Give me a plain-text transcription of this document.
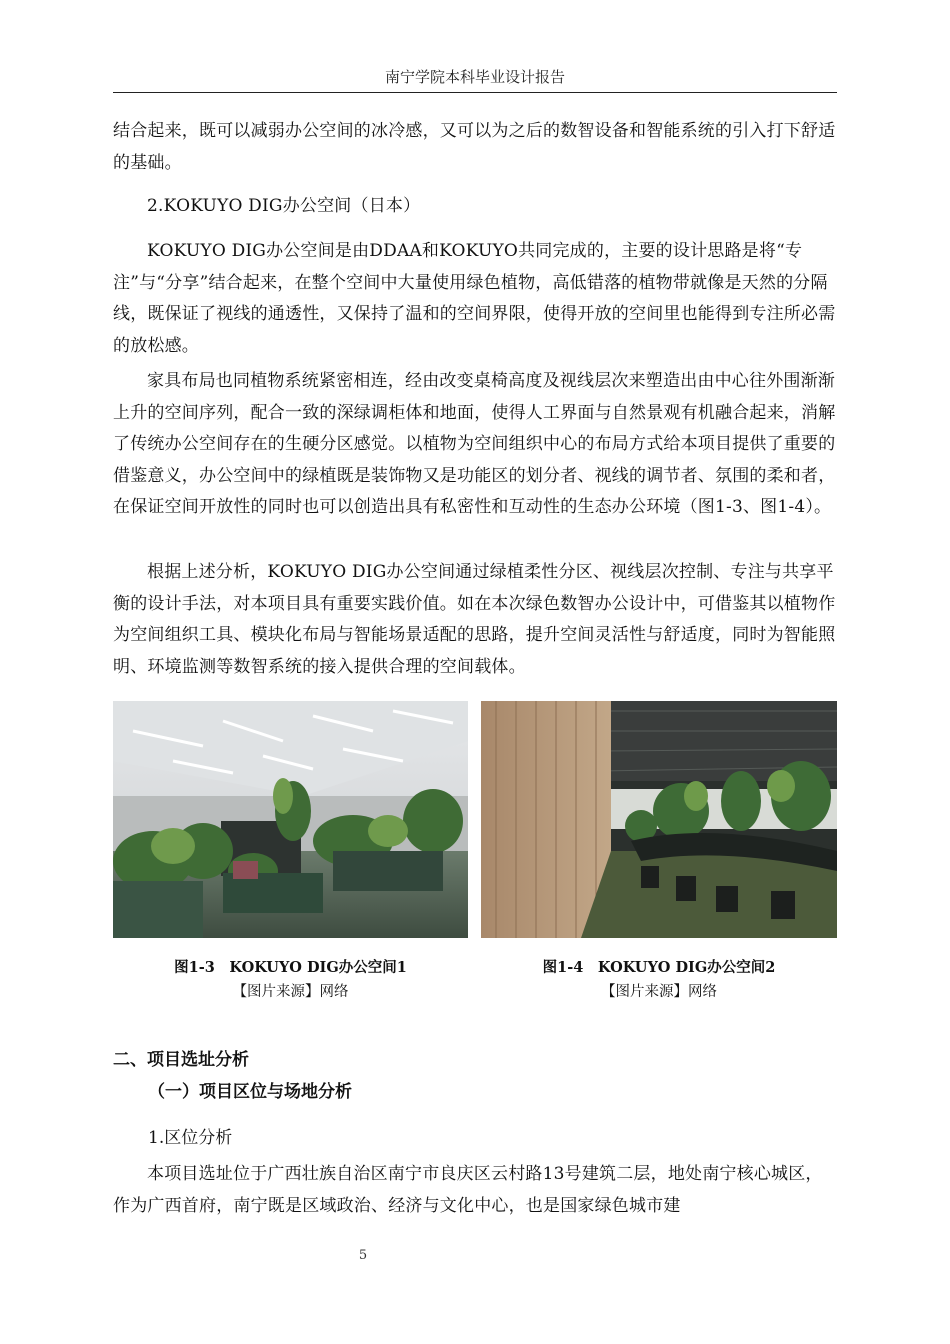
南宁学院本科毕业设计报告

结合起来，既可以减弱办公空间的冰冷感，又可以为之后的数智设备和智能系统的引入打下舒适的基础。

2.KOKUYO DIG办公空间（日本）

KOKUYO DIG办公空间是由DDAA和KOKUYO共同完成的，主要的设计思路是将“专注”与“分享”结合起来，在整个空间中大量使用绿色植物，高低错落的植物带就像是天然的分隔线，既保证了视线的通透性，又保持了温和的空间界限，使得开放的空间里也能得到专注所必需的放松感。

家具布局也同植物系统紧密相连，经由改变桌椅高度及视线层次来塑造出由中心往外围渐渐上升的空间序列，配合一致的深绿调柜体和地面，使得人工界面与自然景观有机融合起来，消解了传统办公空间存在的生硬分区感觉。以植物为空间组织中心的布局方式给本项目提供了重要的借鉴意义，办公空间中的绿植既是装饰物又是功能区的划分者、视线的调节者、氛围的柔和者，在保证空间开放性的同时也可以创造出具有私密性和互动性的生态办公环境（图1-3、图1-4）。

根据上述分析，KOKUYO DIG办公空间通过绿植柔性分区、视线层次控制、专注与共享平衡的设计手法，对本项目具有重要实践价值。如在本次绿色数智办公设计中，可借鉴其以植物作为空间组织工具、模块化布局与智能场景适配的思路，提升空间灵活性与舒适度，同时为智能照明、环境监测等数智系统的接入提供合理的空间载体。

图1-3　KOKUYO DIG办公空间1
【图片来源】网络
图1-4　KOKUYO DIG办公空间2
【图片来源】网络
二、项目选址分析
（一）项目区位与场地分析
1.区位分析

本项目选址位于广西壮族自治区南宁市良庆区云村路13号建筑二层，地处南宁核心城区，作为广西首府，南宁既是区域政治、经济与文化中心，也是国家绿色城市建

5
